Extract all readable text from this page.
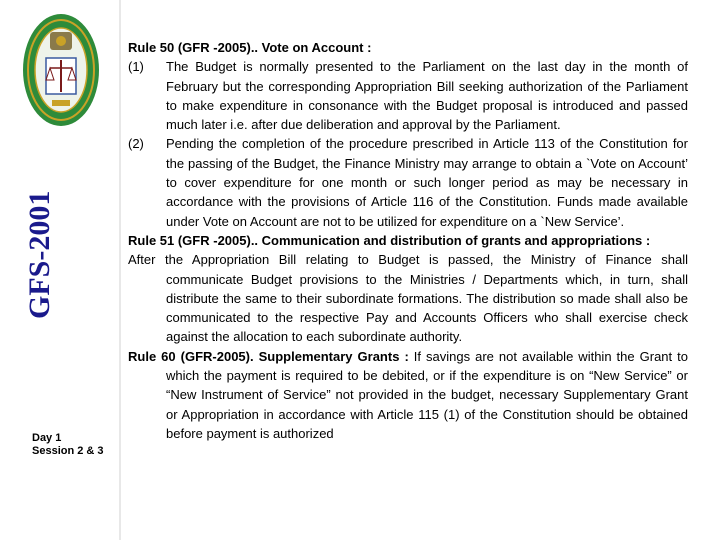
GFS-2001
Day 1
Session 2 & 3
Rule 50 (GFR -2005).. Vote on Account :
(1) The Budget is normally presented to the Parliament on the last day in the month of February but the corresponding Appropriation Bill seeking authorization of the Parliament to make expenditure in consonance with the Budget proposal is introduced and passed much later i.e. after due deliberation and approval by the Parliament.
(2) Pending the completion of the procedure prescribed in Article 113 of the Constitution for the passing of the Budget, the Finance Ministry may arrange to obtain a `Vote on Account’ to cover expenditure for one month or such longer period as may be necessary in accordance with the provisions of Article 116 of the Constitution. Funds made available under Vote on Account are not to be utilized for expenditure on a `New Service’.
Rule 51 (GFR -2005).. Communication and distribution of grants and appropriations :
After the Appropriation Bill relating to Budget is passed, the Ministry of Finance shall communicate Budget provisions to the Ministries / Departments which, in turn, shall distribute the same to their subordinate formations. The distribution so made shall also be communicated to the respective Pay and Accounts Officers who shall exercise check against the allocation to each subordinate authority.
Rule 60 (GFR-2005). Supplementary Grants : If savings are not available within the Grant to which the payment is required to be debited, or if the expenditure is on “New Service” or “New Instrument of Service” not provided in the budget, necessary Supplementary Grant or Appropriation in accordance with Article 115 (1) of the Constitution should be obtained before payment is authorized
